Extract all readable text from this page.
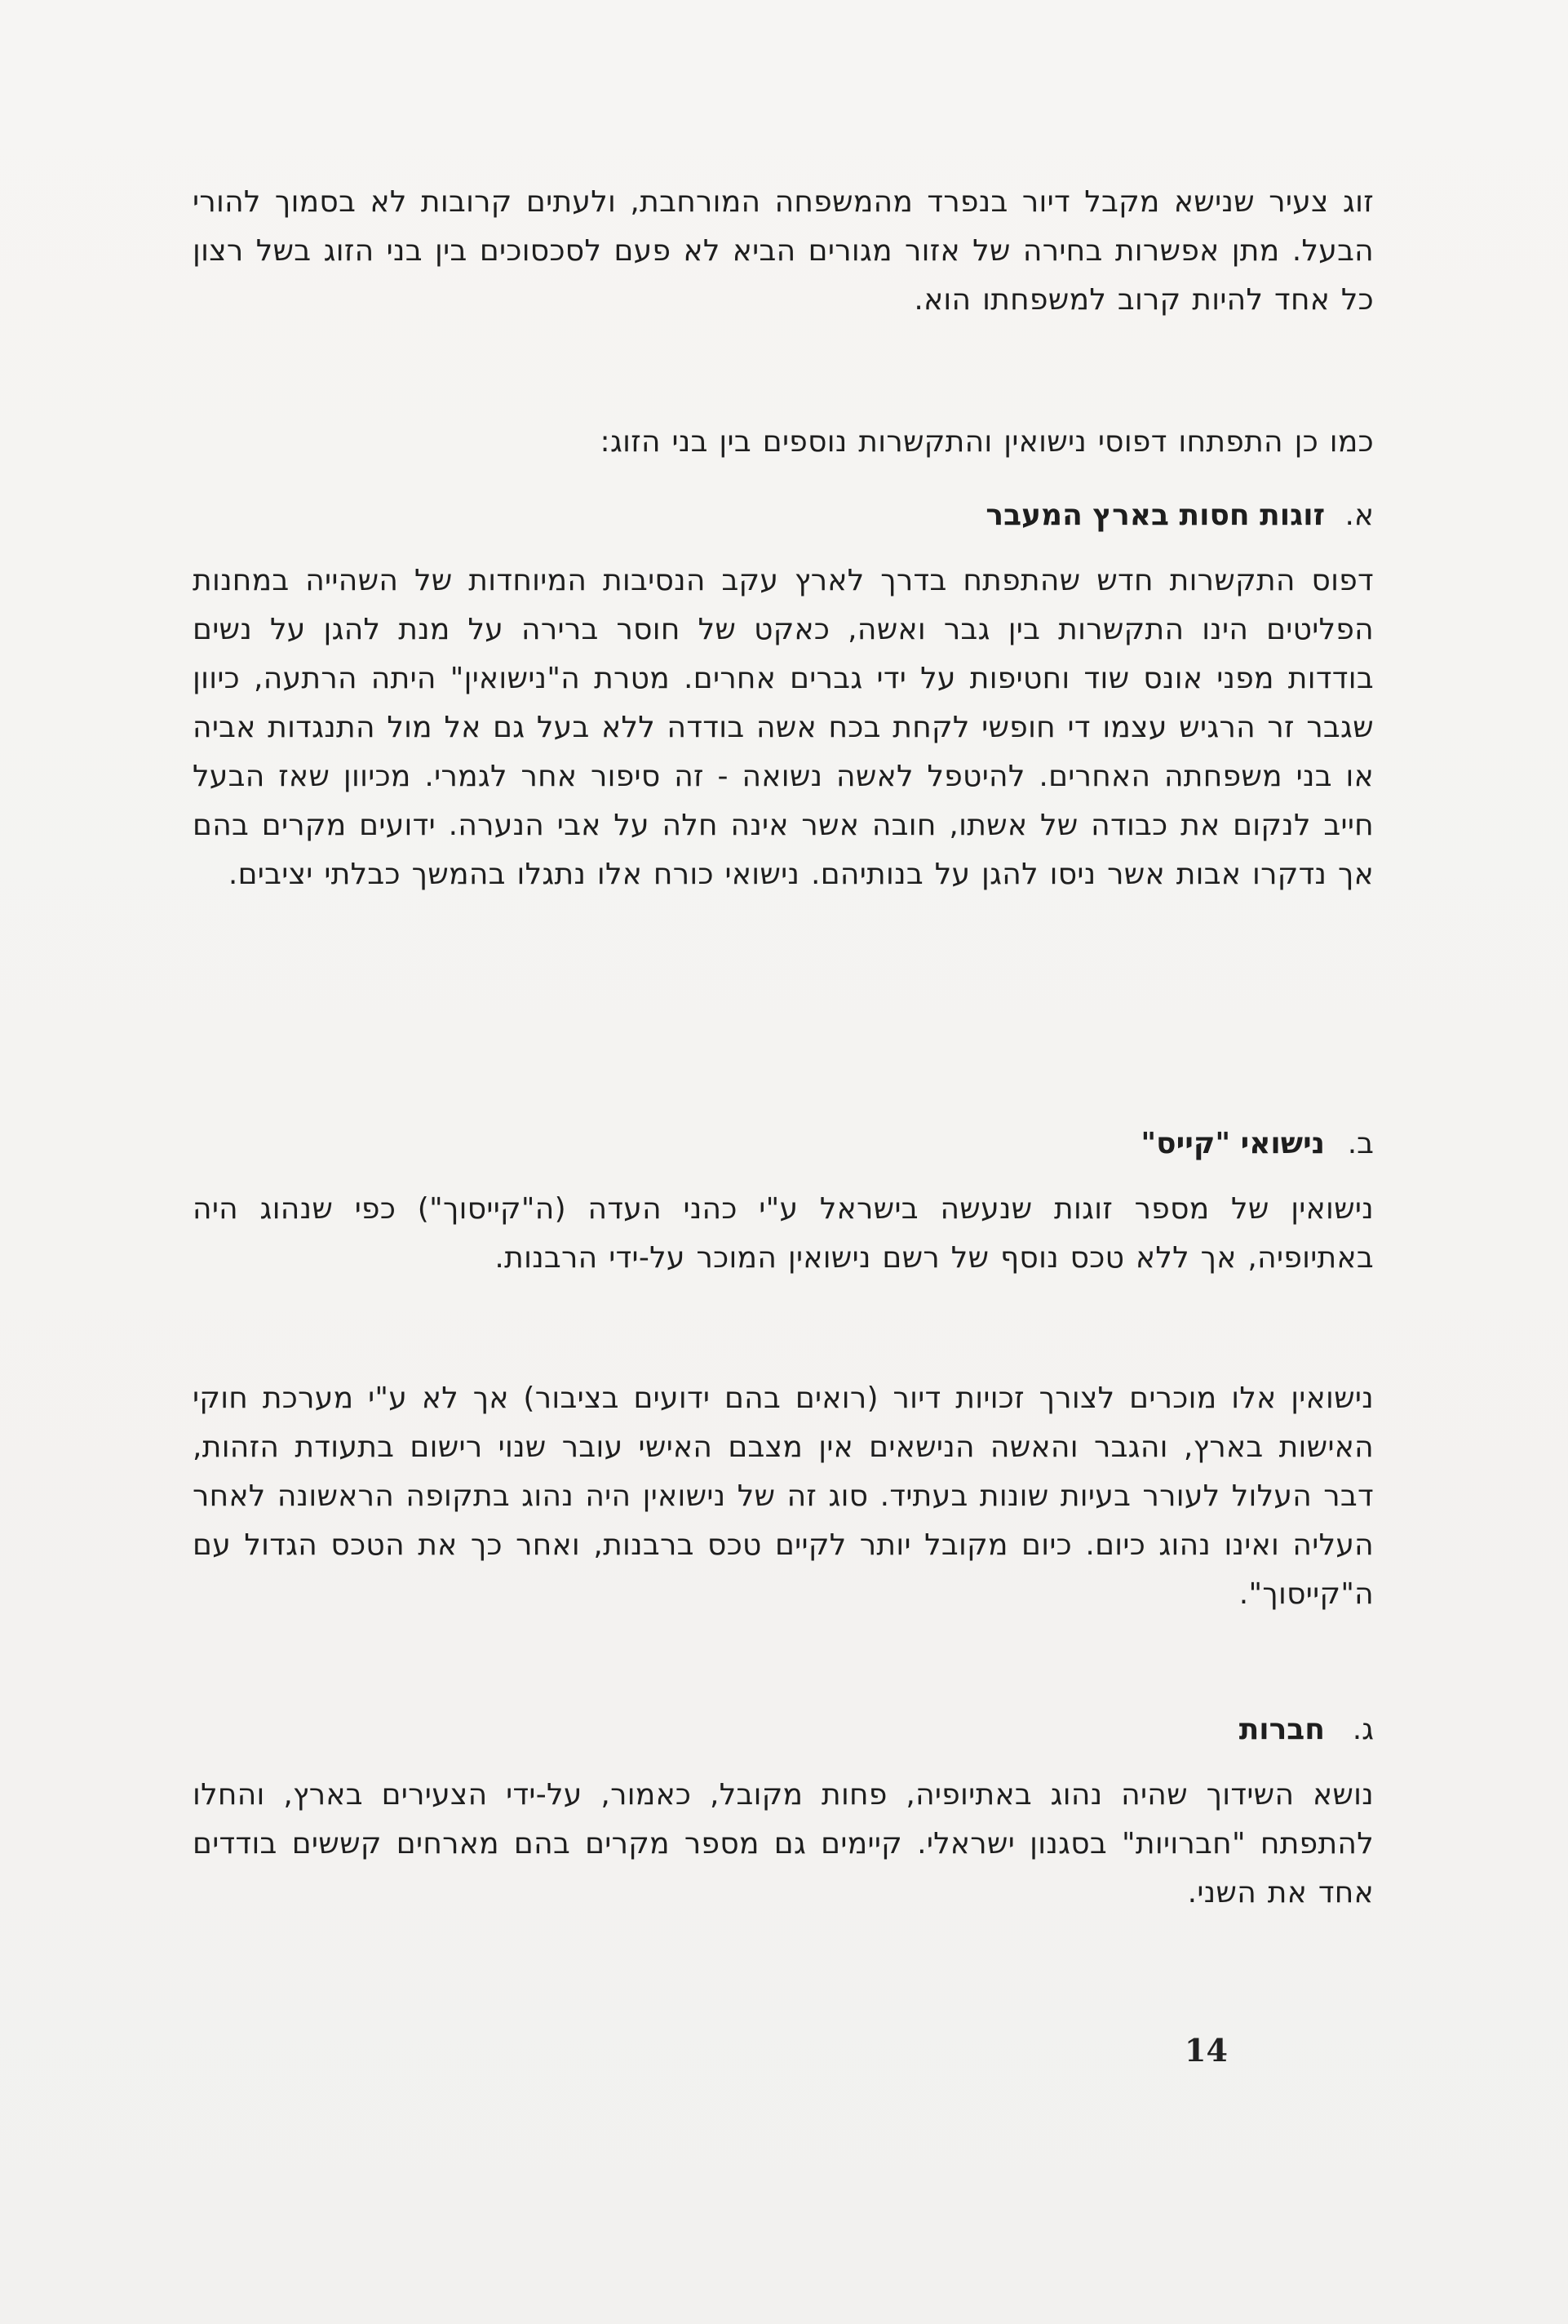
זוג צעיר שנישא מקבל דיור בנפרד מהמשפחה המורחבת, ולעתים קרובות לא בסמוך להורי הבעל. מתן אפשרות בחירה של אזור מגורים הביא לא פעם לסכסוכים בין בני הזוג בשל רצון כל אחד להיות קרוב למשפחתו הוא.

כמו כן התפתחו דפוסי נישואין והתקשרות נוספים בין בני הזוג:

א.זוגות חסות בארץ המעבר

דפוס התקשרות חדש שהתפתח בדרך לארץ עקב הנסיבות המיוחדות של השהייה במחנות הפליטים הינו התקשרות בין גבר ואשה, כאקט של חוסר ברירה על מנת להגן על נשים בודדות מפני אונס שוד וחטיפות על ידי גברים אחרים. מטרת ה"נישואין" היתה הרתעה, כיוון שגבר זר הרגיש עצמו די חופשי לקחת בכח אשה בודדה ללא בעל גם אל מול התנגדות אביה או בני משפחתה האחרים. להיטפל לאשה נשואה - זה סיפור אחר לגמרי. מכיוון שאז הבעל חייב לנקום את כבודה של אשתו, חובה אשר אינה חלה על אבי הנערה. ידועים מקרים בהם אך נדקרו אבות אשר ניסו להגן על בנותיהם. נישואי כורח אלו נתגלו בהמשך כבלתי יציבים.

ב.נישואי "קייס"

נישואין של מספר זוגות שנעשה בישראל ע"י כהני העדה (ה"קייסוך") כפי שנהוג היה באתיופיה, אך ללא טכס נוסף של רשם נישואין המוכר על-ידי הרבנות.

נישואין אלו מוכרים לצורך זכויות דיור (רואים בהם ידועים בציבור) אך לא ע"י מערכת חוקי האישות בארץ, והגבר והאשה הנישאים אין מצבם האישי עובר שנוי רישום בתעודת הזהות, דבר העלול לעורר בעיות שונות בעתיד. סוג זה של נישואין היה נהוג בתקופה הראשונה לאחר העליה ואינו נהוג כיום. כיום מקובל יותר לקיים טכס ברבנות, ואחר כך את הטכס הגדול עם ה"קייסוך".

ג.חברות

נושא השידוך שהיה נהוג באתיופיה, פחות מקובל, כאמור, על-ידי הצעירים בארץ, והחלו להתפתח "חברויות" בסגנון ישראלי. קיימים גם מספר מקרים בהם מארחים קששים בודדים אחד את השני.

14
